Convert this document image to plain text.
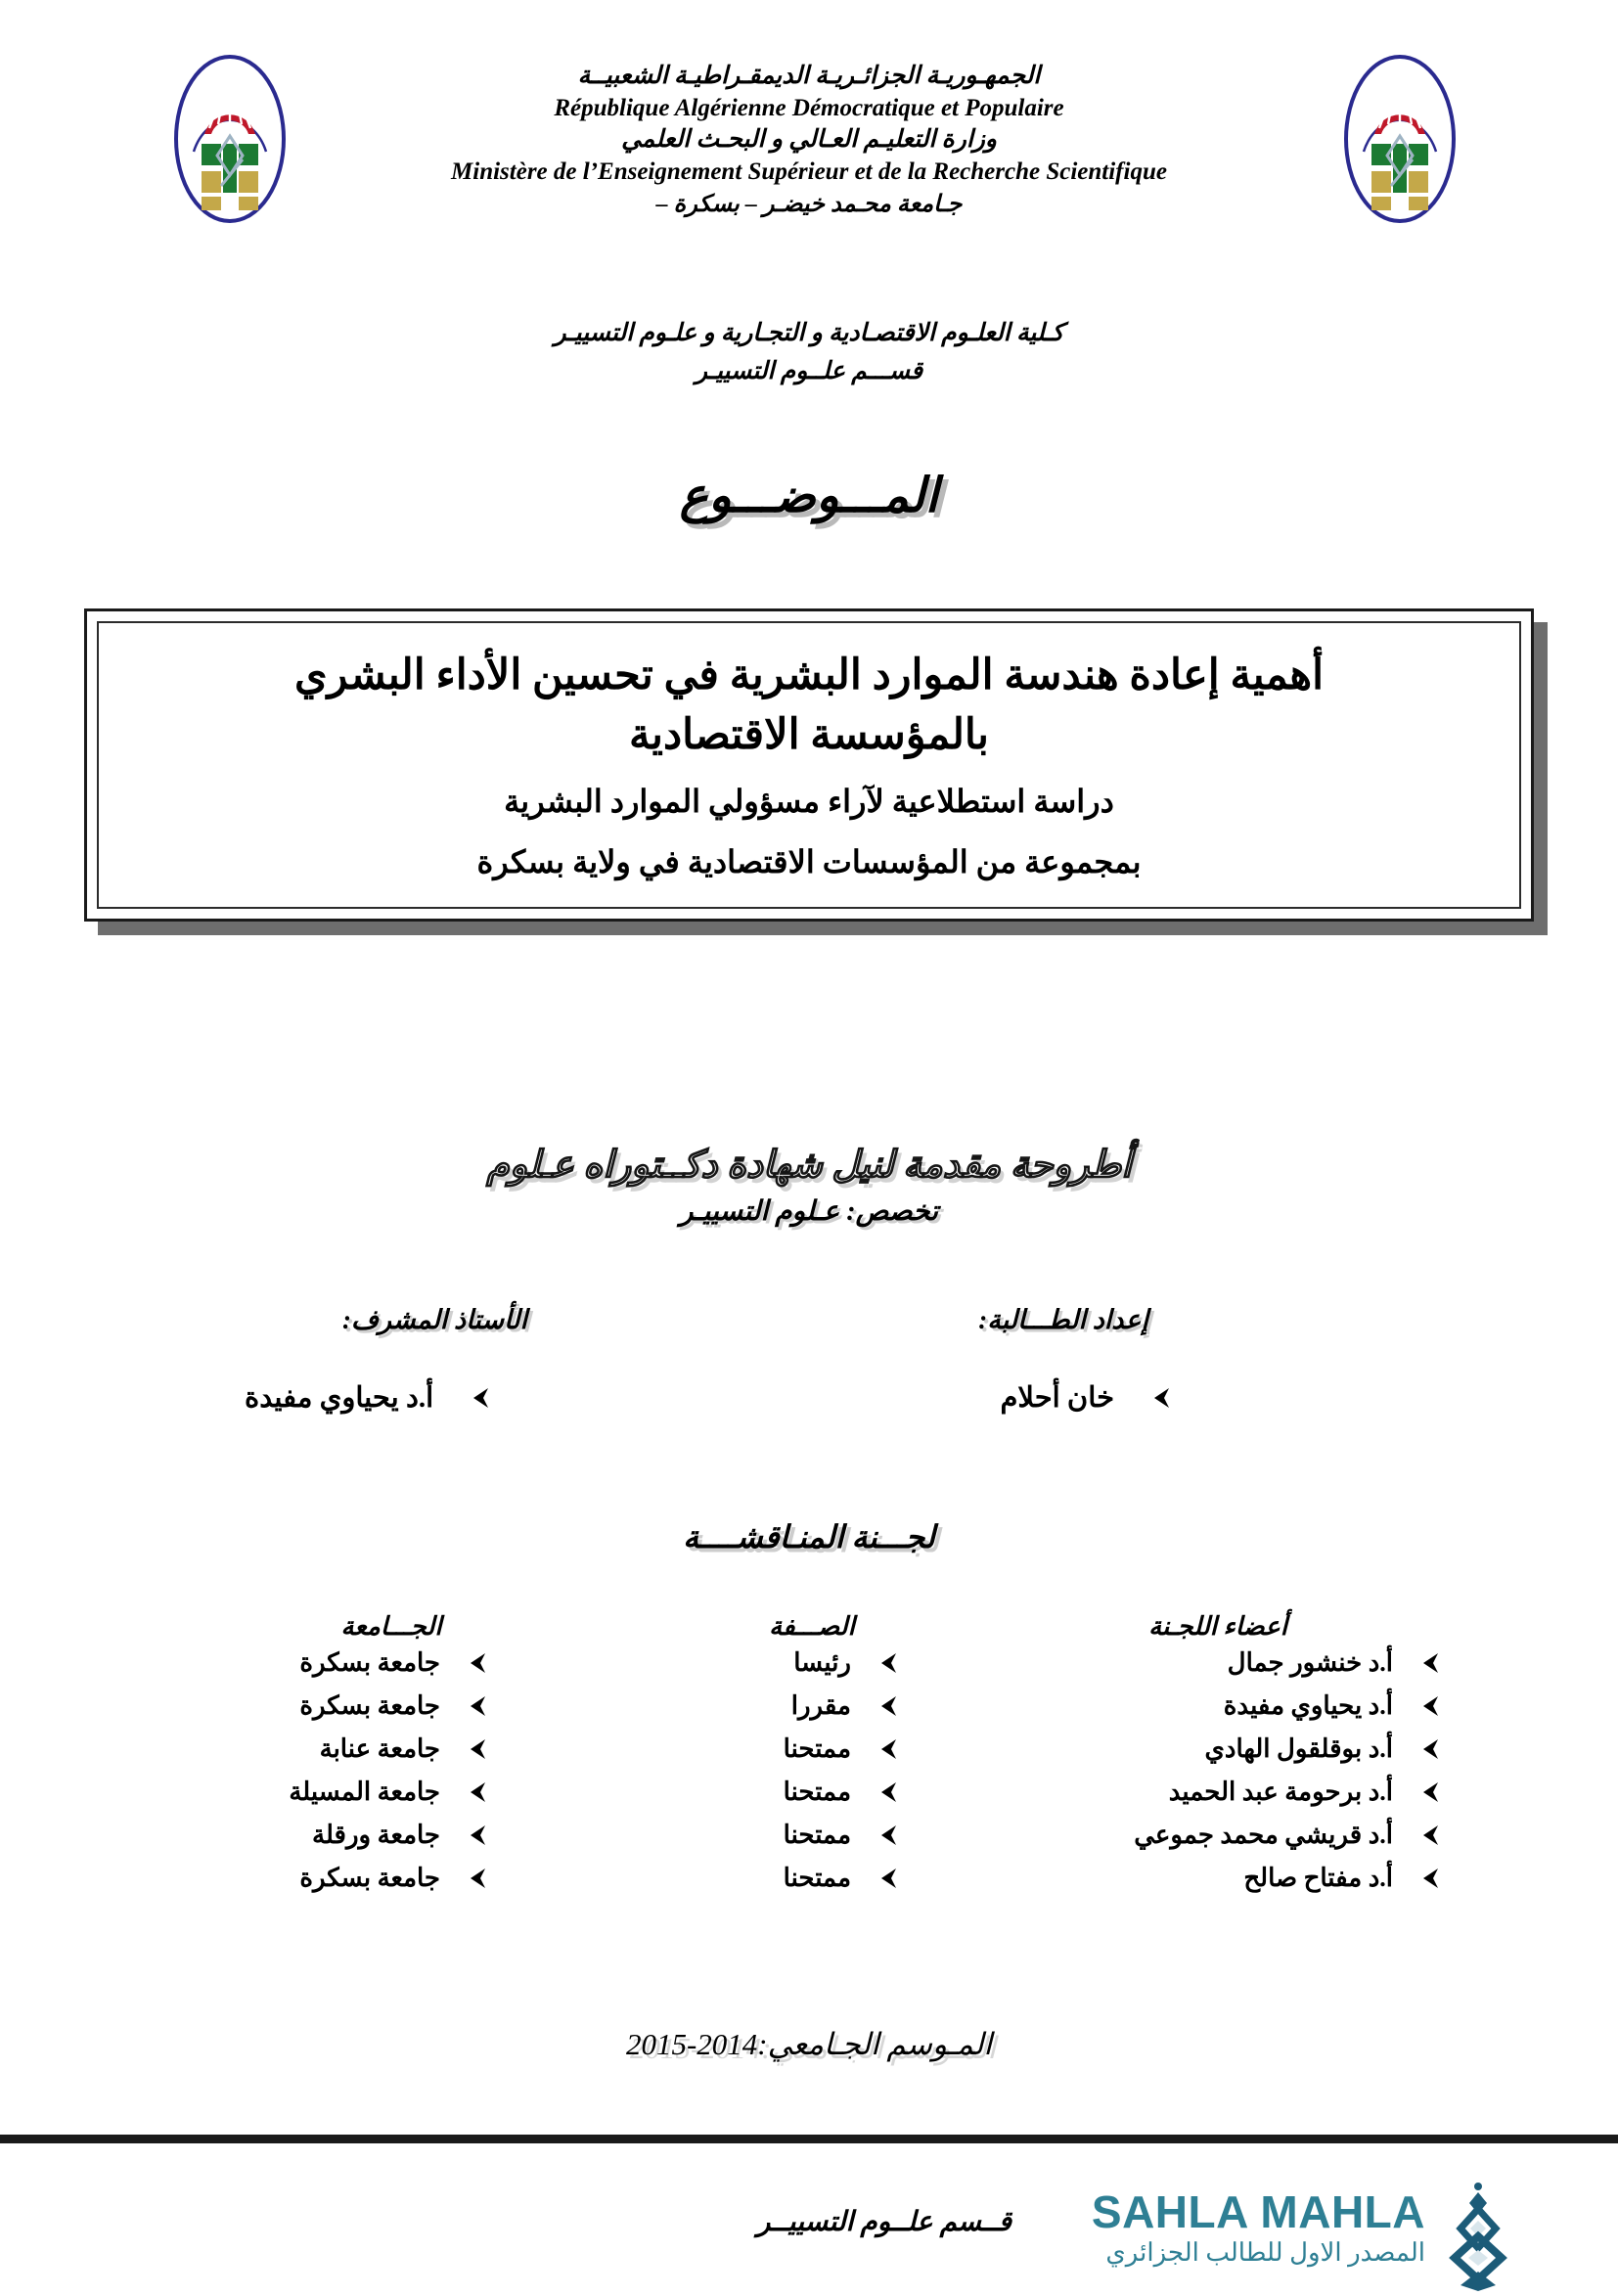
الجمهـوريـة الجزائـريـة الديمقـراطيـة الشعبيــة
République Algérienne Démocratique et Populaire
وزارة التعليـم العـالي و البحـث العلمي
Ministère de l’Enseignement Supérieur et de la Recherche Scientifique
جـامعة محـمد خيضـر – بسكرة –
كـلية العلـوم الاقتصـادية و التجـارية و علـوم التسييـر
قســـم علــوم التسييـر
المـــوضـــوع
أهمية إعادة هندسة الموارد البشرية في تحسين الأداء البشري
بالمؤسسة الاقتصادية
دراسة استطلاعية لآراء مسؤولي الموارد البشرية
بمجموعة من المؤسسات الاقتصادية في ولاية بسكرة
أطروحة مقدمة لنيل شهادة دكــتوراه عـلوم
تخصص: عـلوم التسييـر
إعداد الطـــالبة:
الأستاذ المشرف:
خان أحلام
أ.د يحياوي مفيدة
لجـــنة المنـاقشــــة
أعضاء اللجـنة	الصـــفة	الجـــامعة

أ.د خنشور جمال	رئيسا	جامعة بسكرة

أ.د يحياوي مفيدة	مقررا	جامعة بسكرة

أ.د بوقلقول الهادي	ممتحنا	جامعة عنابة

أ.د برحومة عبد الحميد	ممتحنا	جامعة المسيلة

أ.د قريشي محمد جموعي	ممتحنا	جامعة ورقلة

أ.د مفتاح صالح	ممتحنا	جامعة بسكرة
المـوسم الجـامعي:2014-2015
قــسم علــوم التسييــر	SAHLA MAHLA
المصدر الاول للطالب الجزائري
